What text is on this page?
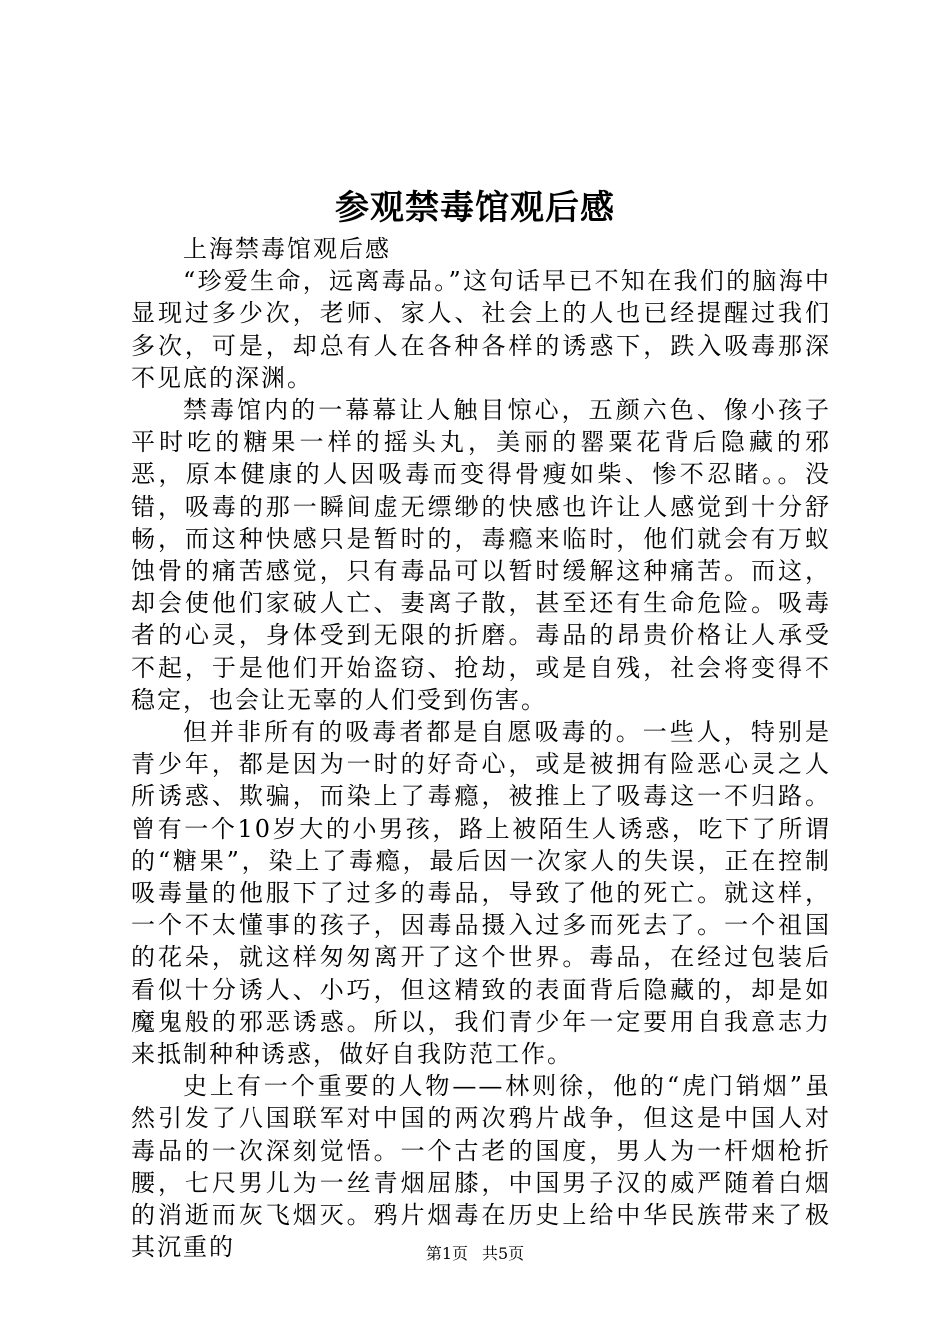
参观禁毒馆观后感

上海禁毒馆观后感

“珍爱生命，远离毒品。”这句话早已不知在我们的脑海中显现过多少次，老师、家人、社会上的人也已经提醒过我们多次，可是，却总有人在各种各样的诱惑下，跌入吸毒那深不见底的深渊。

禁毒馆内的一幕幕让人触目惊心，五颜六色、像小孩子平时吃的糖果一样的摇头丸，美丽的罂粟花背后隐藏的邪恶，原本健康的人因吸毒而变得骨瘦如柴、惨不忍睹。。没错，吸毒的那一瞬间虚无缥缈的快感也许让人感觉到十分舒畅，而这种快感只是暂时的，毒瘾来临时，他们就会有万蚁蚀骨的痛苦感觉，只有毒品可以暂时缓解这种痛苦。而这，却会使他们家破人亡、妻离子散，甚至还有生命危险。吸毒者的心灵，身体受到无限的折磨。毒品的昂贵价格让人承受不起，于是他们开始盗窃、抢劫，或是自残，社会将变得不稳定，也会让无辜的人们受到伤害。

但并非所有的吸毒者都是自愿吸毒的。一些人，特别是青少年，都是因为一时的好奇心，或是被拥有险恶心灵之人所诱惑、欺骗，而染上了毒瘾，被推上了吸毒这一不归路。曾有一个10岁大的小男孩，路上被陌生人诱惑，吃下了所谓的“糖果”，染上了毒瘾，最后因一次家人的失误，正在控制吸毒量的他服下了过多的毒品，导致了他的死亡。就这样，一个不太懂事的孩子，因毒品摄入过多而死去了。一个祖国的花朵，就这样匆匆离开了这个世界。毒品，在经过包装后看似十分诱人、小巧，但这精致的表面背后隐藏的，却是如魔鬼般的邪恶诱惑。所以，我们青少年一定要用自我意志力来抵制种种诱惑，做好自我防范工作。

史上有一个重要的人物——林则徐，他的“虎门销烟”虽然引发了八国联军对中国的两次鸦片战争，但这是中国人对毒品的一次深刻觉悟。一个古老的国度，男人为一杆烟枪折腰，七尺男儿为一丝青烟屈膝，中国男子汉的威严随着白烟的消逝而灰飞烟灭。鸦片烟毒在历史上给中华民族带来了极其沉重的	第1页 共5页
